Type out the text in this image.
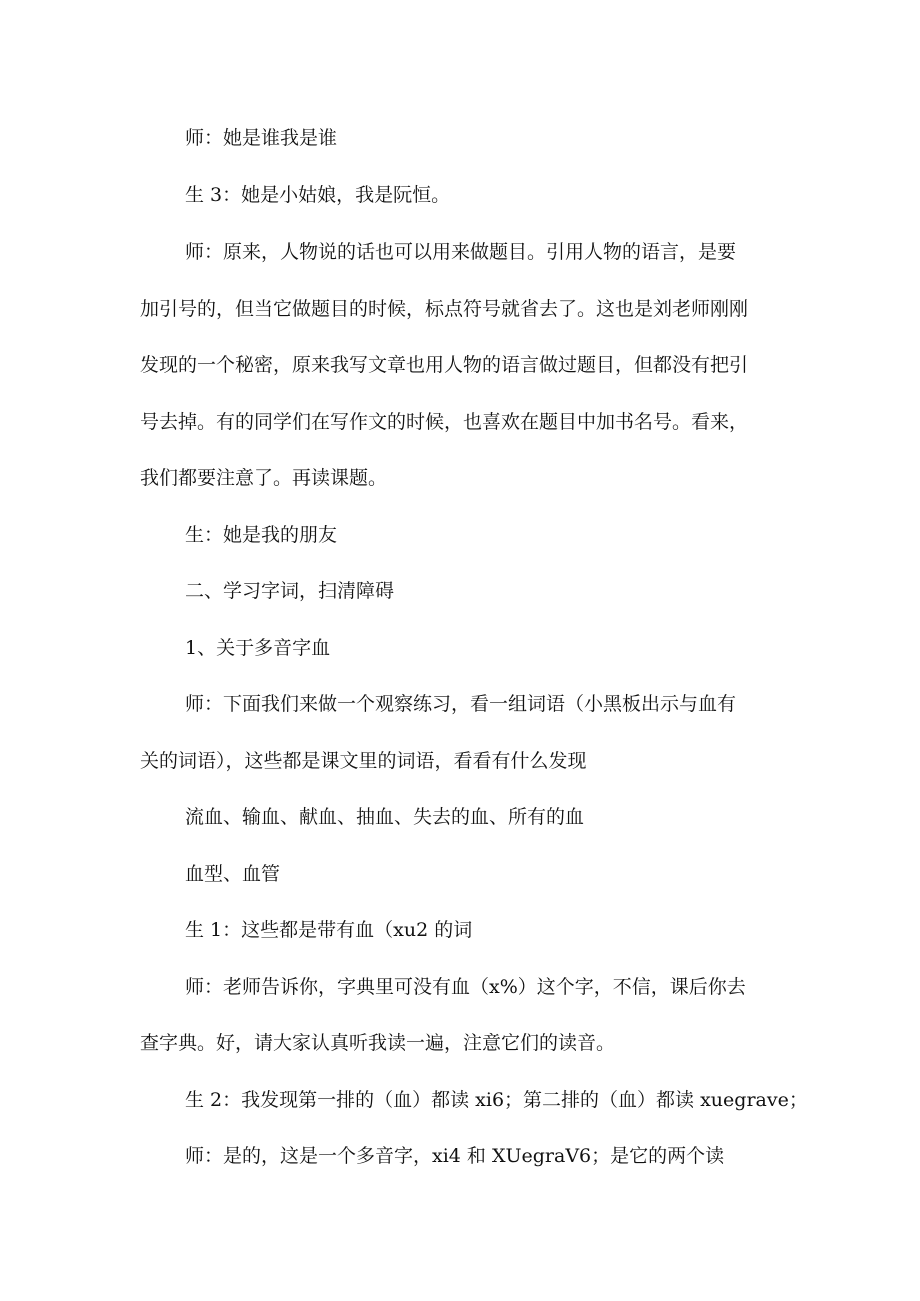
师：她是谁我是谁
生 3：她是小姑娘，我是阮恒。
师：原来，人物说的话也可以用来做题目。引用人物的语言，是要
加引号的，但当它做题目的时候，标点符号就省去了。这也是刘老师刚刚
发现的一个秘密，原来我写文章也用人物的语言做过题目，但都没有把引
号去掉。有的同学们在写作文的时候，也喜欢在题目中加书名号。看来，
我们都要注意了。再读课题。
生：她是我的朋友
二、学习字词，扫清障碍
1、关于多音字血
师：下面我们来做一个观察练习，看一组词语（小黑板出示与血有
关的词语），这些都是课文里的词语，看看有什么发现
流血、输血、献血、抽血、失去的血、所有的血
血型、血管
生 1：这些都是带有血（xu2 的词
师：老师告诉你，字典里可没有血（x%）这个字，不信，课后你去
查字典。好，请大家认真听我读一遍，注意它们的读音。
生 2：我发现第一排的（血）都读 xi6；第二排的（血）都读 xuegrave；
师：是的，这是一个多音字，xi4 和 XUegraV6；是它的两个读
